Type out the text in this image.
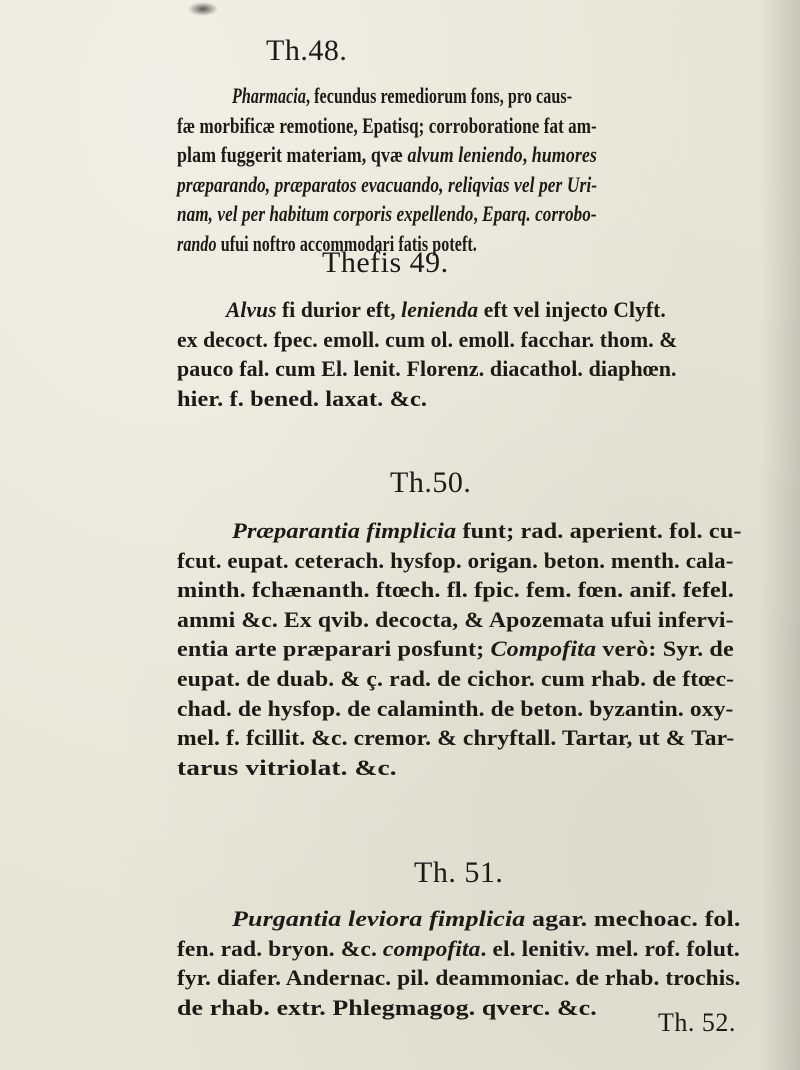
Th.48.
Pharmacia, fecundus remediorum fons, pro caus-
fæ morbificæ remotione, Epatisq; corroboratione fat am-
plam fuggerit materiam, qvæ alvum leniendo, humores
præparando, præparatos evacuando, reliqvias vel per Uri-
nam, vel per habitum corporis expellendo, Eparq. corrobo-
rando ufui noftro accommodari fatis poteft.
Thefis 49.
Alvus fi durior eft, lenienda eft vel injecto Clyft.
ex decoct. fpec. emoll. cum ol. emoll. facchar. thom. &
pauco fal. cum El. lenit. Florenz. diacathol. diaphœn.
hier. f. bened. laxat. &c.
Th.50.
Præparantia fimplicia funt; rad. aperient. fol. cu-
fcut. eupat. ceterach. hysfop. origan. beton. menth. cala-
minth. fchænanth. ftœch. fl. fpic. fem. fœn. anif. fefel.
ammi &c. Ex qvib. decocta, & Apozemata ufui infervi-
entia arte præparari posfunt; Compofita verò: Syr. de
eupat. de duab. & ç. rad. de cichor. cum rhab. de ftœc-
chad. de hysfop. de calaminth. de beton. byzantin. oxy-
mel. f. fcillit. &c. cremor. & chryftall. Tartar, ut & Tar-
tarus vitriolat. &c.
Th. 51.
Purgantia leviora fimplicia agar. mechoac. fol.
fen. rad. bryon. &c. compofita. el. lenitiv. mel. rof. folut.
fyr. diafer. Andernac. pil. deammoniac. de rhab. trochis.
de rhab. extr. Phlegmagog. qverc. &c.
Th. 52.
